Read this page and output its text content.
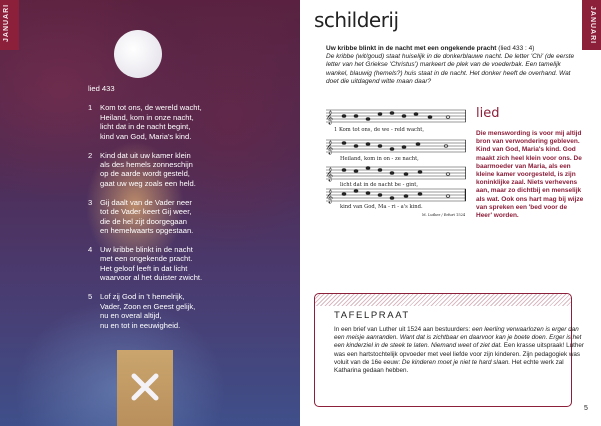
JANUARI
lied 433
1 Kom tot ons, de wereld wacht,
Heiland, kom in onze nacht,
licht dat in de nacht begint,
kind van God, Maria's kind.
2 Kind dat uit uw kamer klein
als des hemels zonneschijn
op de aarde wordt gesteld,
gaat uw weg zoals een held.
3 Gij daalt van de Vader neer
tot de Vader keert Gij weer,
die de hel zijt doorgegaan
en hemelwaarts opgestaan.
4 Uw kribbe blinkt in de nacht
met een ongekende pracht.
Het geloof leeft in dat licht
waarvoor al het duister zwicht.
5 Lof zij God in 't hemelrijk,
Vader, Zoon en Geest gelijk,
nu en overal altijd,
nu en tot in eeuwigheid.
JANUARI
schilderij
Uw kribbe blinkt in de nacht met een ongekende pracht (lied 433 : 4)
De kribbe (wit/goud) staat huiselijk in de donkerblauwe nacht. De letter 'Chi' (de eerste letter van het Griekse 'Christus') markeert de plek van de voederbak. Een tamelijk wankel, blauwig (hemels?) huis staat in de nacht. Het donker heeft de overhand. Wat doet die uitdagend witte maan daar?
𝄞
𝄞
𝄞
𝄞
1 Kom tot ons, de we - reld wacht,
Heiland, kom in on - ze nacht,
licht dat in de nacht be - gint,
kind van God, Ma - ri - a's kind.
M. Luther / Erfurt 1524
lied
Die menswording is voor mij altijd bron van verwondering gebleven. Kind van God, Maria's kind. God maakt zich heel klein voor ons. De baarmoeder van Maria, als een kleine kamer voorgesteld, is zijn koninklijke zaal. Niets verhevens aan, maar zo dichtbij en menselijk als wat. Ook ons hart mag bij wijze van spreken een 'bed voor de Heer' worden.
TAFELPRAAT
In een brief van Luther uit 1524 aan bestuurders: een leerling verwaarlozen is erger dan een meisje aanranden. Want dat is zichtbaar en daarvoor kan je boete doen. Erger is het een kinderziel in de steek te laten. Niemand weet of ziet dat. Een krasse uitspraak! Luther was een hartstochtelijk opvoeder met veel liefde voor zijn kinderen. Zijn pedagogiek was voluit van de 16e eeuw: De kinderen moet je niet te hard slaan. Het echte werk zal Katharina gedaan hebben.
5
